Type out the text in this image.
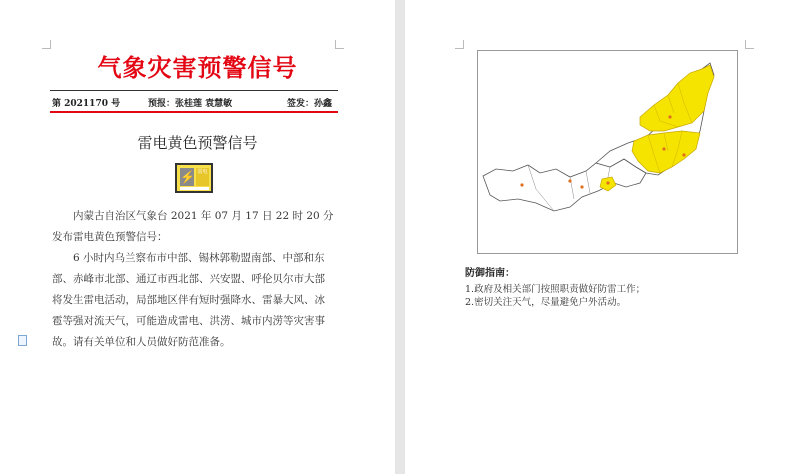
气象灾害预警信号
第 2021170 号	预报：张桂莲 袁慧敏	签发：孙鑫
雷电黄色预警信号
⚡ 雷电
内蒙古自治区气象台 2021 年 07 月 17 日 22 时 20 分发布雷电黄色预警信号：
6 小时内乌兰察布市中部、锡林郭勒盟南部、中部和东部、赤峰市北部、通辽市西北部、兴安盟、呼伦贝尔市大部将发生雷电活动，局部地区伴有短时强降水、雷暴大风、冰雹等强对流天气，可能造成雷电、洪涝、城市内涝等灾害事故。请有关单位和人员做好防范准备。
防御指南：
1.政府及相关部门按照职责做好防雷工作；
2.密切关注天气，尽量避免户外活动。
